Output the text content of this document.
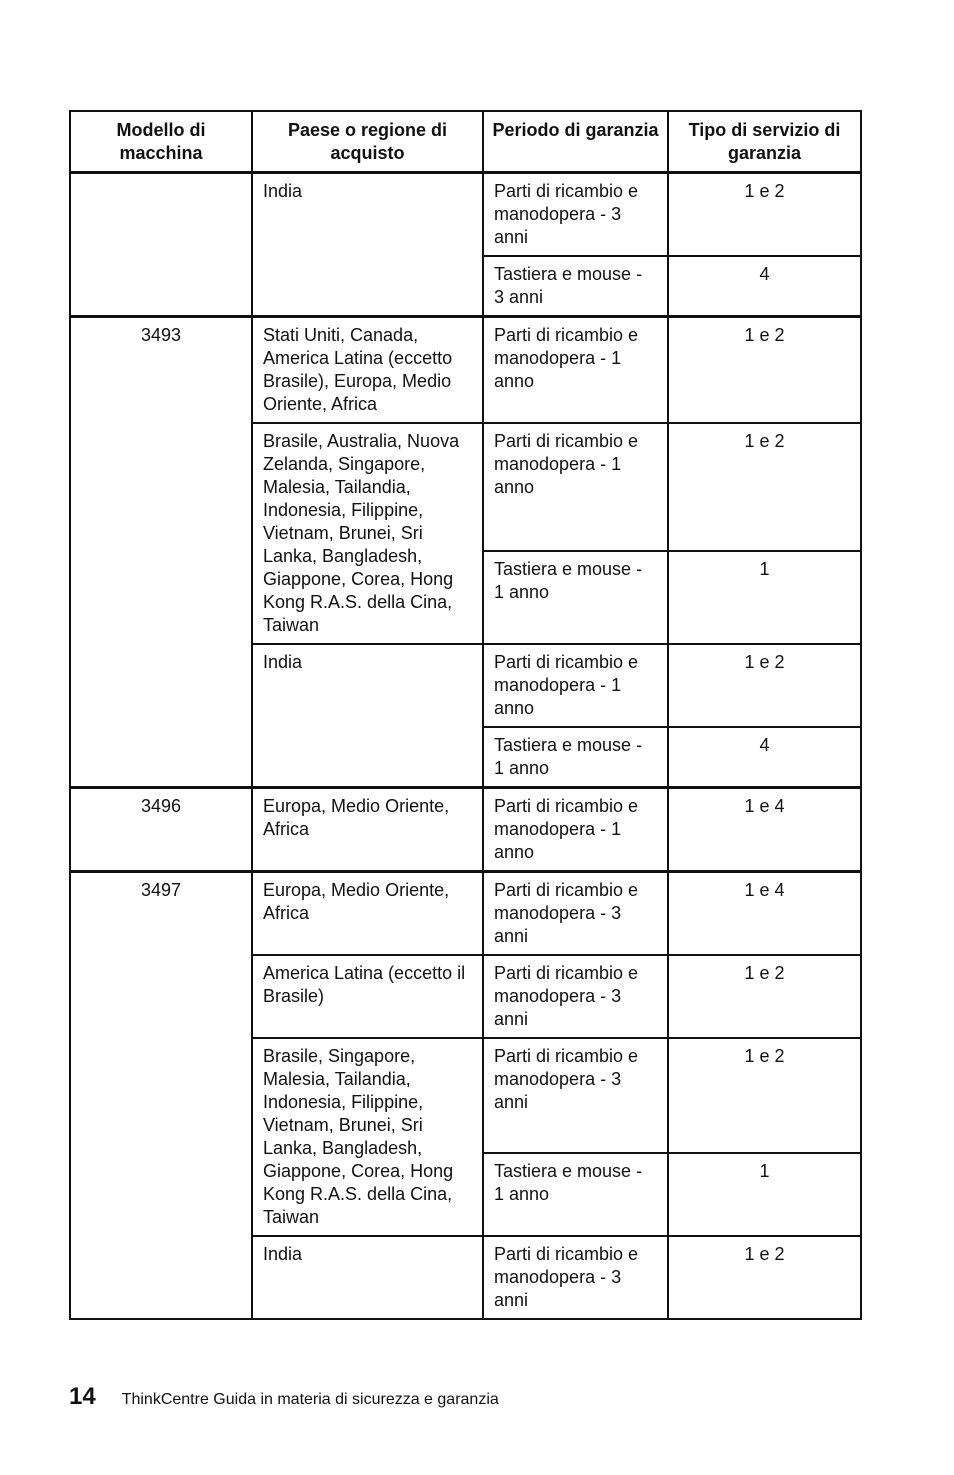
Modello di macchina	Paese o regione di acquisto	Periodo di garanzia	Tipo di servizio di garanzia
	India	Parti di ricambio e manodopera - 3 anni	1 e 2
		Tastiera e mouse - 3 anni	4
3493	Stati Uniti, Canada, America Latina (eccetto Brasile), Europa, Medio Oriente, Africa	Parti di ricambio e manodopera - 1 anno	1 e 2
	Brasile, Australia, Nuova Zelanda, Singapore, Malesia, Tailandia, Indonesia, Filippine, Vietnam, Brunei, Sri Lanka, Bangladesh, Giappone, Corea, Hong Kong R.A.S. della Cina, Taiwan	Parti di ricambio e manodopera - 1 anno	1 e 2
		Tastiera e mouse - 1 anno	1
	India	Parti di ricambio e manodopera - 1 anno	1 e 2
		Tastiera e mouse - 1 anno	4
3496	Europa, Medio Oriente, Africa	Parti di ricambio e manodopera - 1 anno	1 e 4
3497	Europa, Medio Oriente, Africa	Parti di ricambio e manodopera - 3 anni	1 e 4
	America Latina (eccetto il Brasile)	Parti di ricambio e manodopera - 3 anni	1 e 2
	Brasile, Singapore, Malesia, Tailandia, Indonesia, Filippine, Vietnam, Brunei, Sri Lanka, Bangladesh, Giappone, Corea, Hong Kong R.A.S. della Cina, Taiwan	Parti di ricambio e manodopera - 3 anni	1 e 2
		Tastiera e mouse - 1 anno	1
	India	Parti di ricambio e manodopera - 3 anni	1 e 2
14 ThinkCentre Guida in materia di sicurezza e garanzia
